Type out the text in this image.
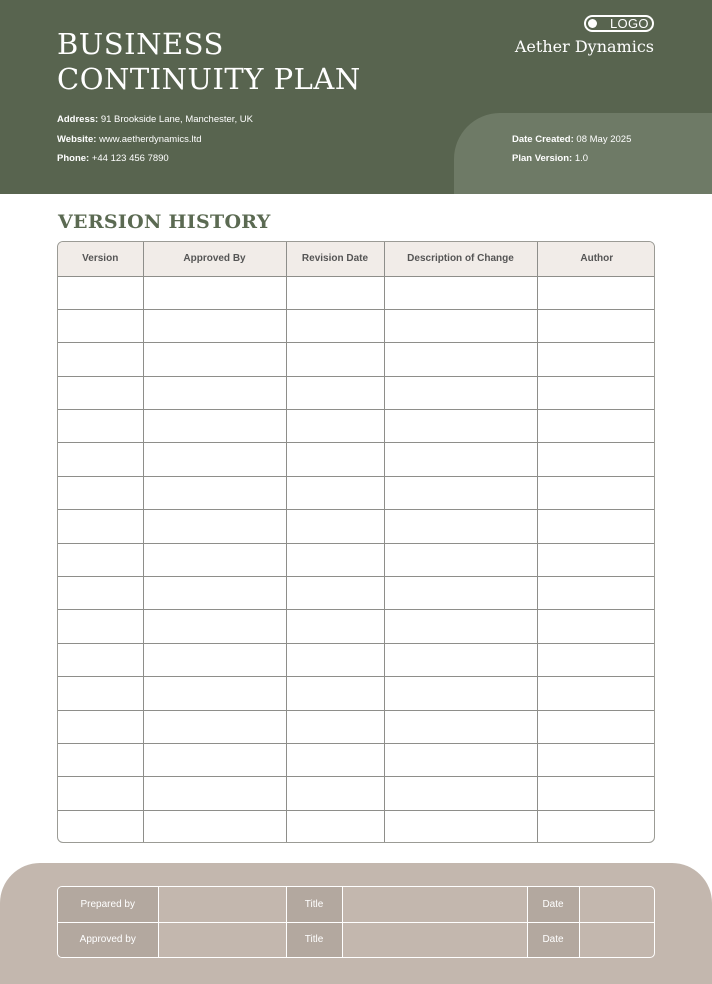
BUSINESS
CONTINUITY PLAN
LOGO
Aether Dynamics
Address: 91 Brookside Lane, Manchester, UK
Website: www.aetherdynamics.ltd
Phone: +44 123 456 7890
Date Created: 08 May 2025
Plan Version: 1.0
VERSION HISTORY
Version	Approved By	Revision Date	Description of Change	Author

Prepared by		Title		Date	
Approved by		Title		Date	
